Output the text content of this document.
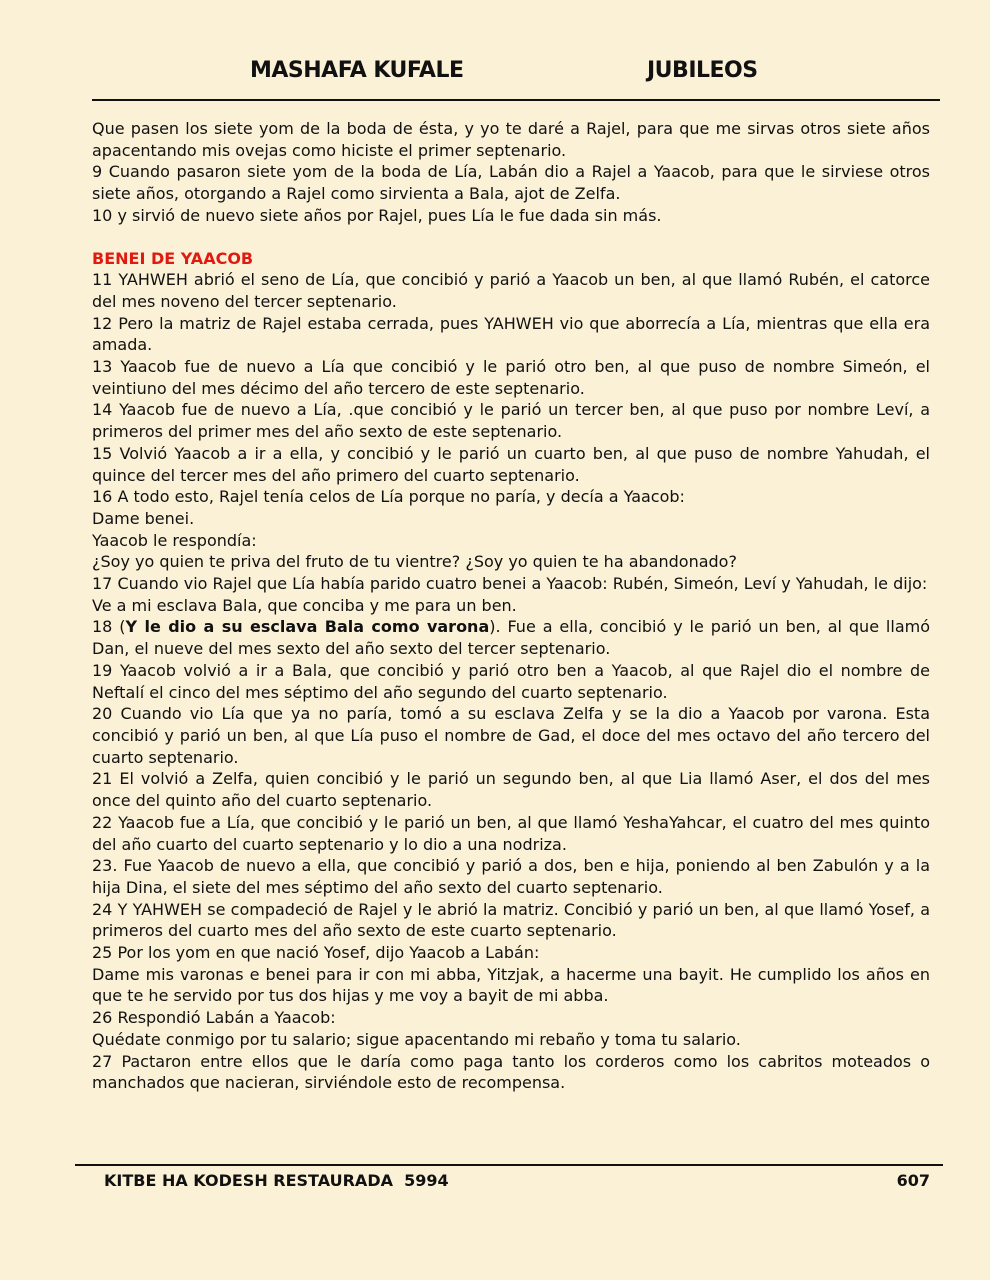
MASHAFA KUFALE	JUBILEOS

Que pasen los siete yom de la boda de ésta, y yo te daré a Rajel, para que me sirvas otros siete años apacentando mis ovejas como hiciste el primer septenario.

9 Cuando pasaron siete yom de la boda de Lía, Labán dio a Rajel a Yaacob, para que le sirviese otros siete años, otorgando a Rajel como sirvienta a Bala, ajot de Zelfa.

10 y sirvió de nuevo siete años por Rajel, pues Lía le fue dada sin más.

BENEI DE YAACOB

11 YAHWEH abrió el seno de Lía, que concibió y parió a Yaacob un ben, al que llamó Rubén, el catorce del mes noveno del tercer septenario.

12 Pero la matriz de Rajel estaba cerrada, pues YAHWEH vio que aborrecía a Lía, mientras que ella era amada.

13 Yaacob fue de nuevo a Lía que concibió y le parió otro ben, al que puso de nombre Simeón, el veintiuno del mes décimo del año tercero de este septenario.

14 Yaacob fue de nuevo a Lía, .que concibió y le parió un tercer ben, al que puso por nombre Leví, a primeros del primer mes del año sexto de este septenario.

15 Volvió Yaacob a ir a ella, y concibió y le parió un cuarto ben, al que puso de nombre Yahudah, el quince del tercer mes del año primero del cuarto septenario.

16 A todo esto, Rajel tenía celos de Lía porque no paría, y decía a Yaacob:

Dame benei.

Yaacob le respondía:

¿Soy yo quien te priva del fruto de tu vientre? ¿Soy yo quien te ha abandonado?

17 Cuando vio Rajel que Lía había parido cuatro benei a Yaacob: Rubén, Simeón, Leví y Yahudah, le dijo:

Ve a mi esclava Bala, que conciba y me para un ben.

18 (Y le dio a su esclava Bala como varona). Fue a ella, concibió y le parió un ben, al que llamó Dan, el nueve del mes sexto del año sexto del tercer septenario.

19 Yaacob volvió a ir a Bala, que concibió y parió otro ben a Yaacob, al que Rajel dio el nombre de Neftalí el cinco del mes séptimo del año segundo del cuarto septenario.

20 Cuando vio Lía que ya no paría, tomó a su esclava Zelfa y se la dio a Yaacob por varona. Esta concibió y parió un ben, al que Lía puso el nombre de Gad, el doce del mes octavo del año tercero del cuarto septenario.

21 El volvió a Zelfa, quien concibió y le parió un segundo ben, al que Lia llamó Aser, el dos del mes once del quinto año del cuarto septenario.

22 Yaacob fue a Lía, que concibió y le parió un ben, al que llamó YeshaYahcar, el cuatro del mes quinto del año cuarto del cuarto septenario y lo dio a una nodriza.

23. Fue Yaacob de nuevo a ella, que concibió y parió a dos, ben e hija, poniendo al ben Zabulón y a la hija Dina, el siete del mes séptimo del año sexto del cuarto septenario.

24 Y YAHWEH se compadeció de Rajel y le abrió la matriz. Concibió y parió un ben, al que llamó Yosef, a primeros del cuarto mes del año sexto de este cuarto septenario.

25 Por los yom en que nació Yosef, dijo Yaacob a Labán:

Dame mis varonas e benei para ir con mi abba, Yitzjak, a hacerme una bayit. He cumplido los años en que te he servido por tus dos hijas y me voy a bayit de mi abba.

26 Respondió Labán a Yaacob:

Quédate conmigo por tu salario; sigue apacentando mi rebaño y toma tu salario.

27 Pactaron entre ellos que le daría como paga tanto los corderos como los cabritos moteados o manchados que nacieran, sirviéndole esto de recompensa.

KITBE HA KODESH RESTAURADA  5994	607
